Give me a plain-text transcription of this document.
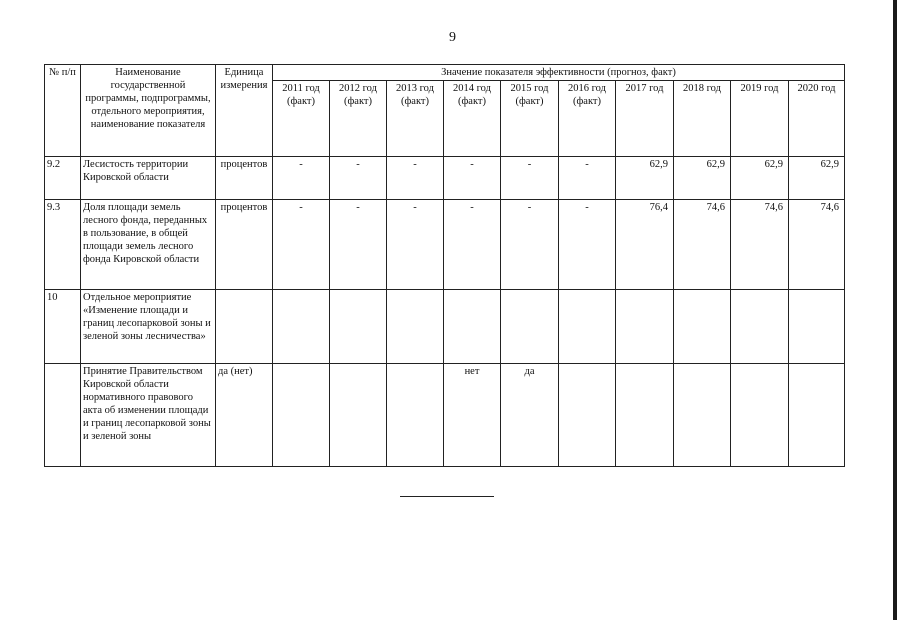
9
№ п/п	Наименование государственной программы, подпрограммы, отдельного мероприятия, наименование показателя	Единица измерения	Значение показателя эффективности (прогноз, факт)									
			2011 год (факт)	2012 год (факт)	2013 год (факт)	2014 год (факт)	2015 год (факт)	2016 год (факт)	2017 год	2018 год	2019 год	2020 год
9.2	Лесистость территории Кировской области	процентов	-	-	-	-	-	-	62,9	62,9	62,9	62,9
9.3	Доля площади земель лесного фонда, переданных в пользование, в общей площади земель лесного фонда Кировской области	процентов	-	-	-	-	-	-	76,4	74,6	74,6	74,6
10	Отдельное мероприятие «Изменение площади и границ лесопарковой зоны и зеленой зоны лесничества»											
	Принятие Правительством Кировской области нормативного правового акта об изменении площади и границ лесопарковой зоны и зеленой зоны	да (нет)				нет	да					
